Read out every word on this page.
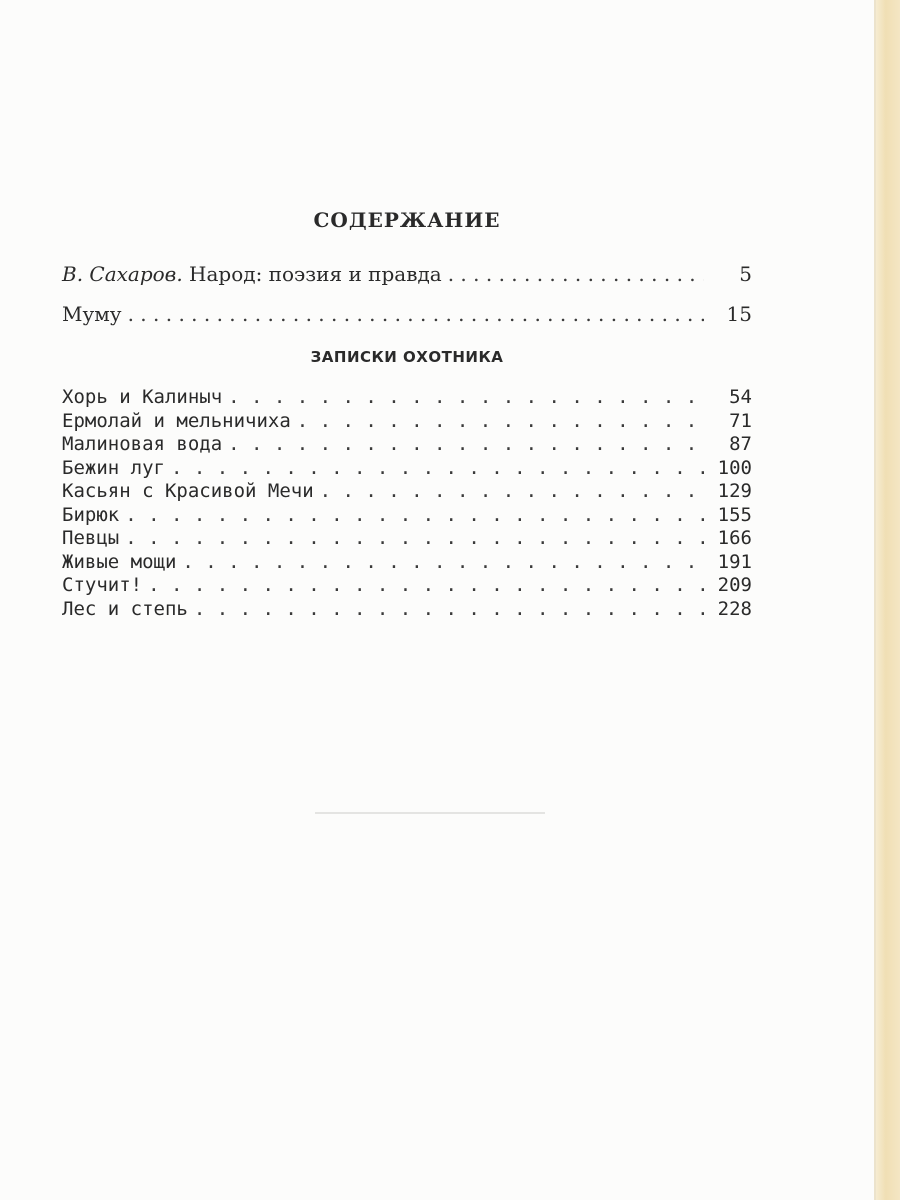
СОДЕРЖАНИЕ
В. Сахаров. Народ: поэзия и правда . . .	5
Муму . . .	15
ЗАПИСКИ ОХОТНИКА
Хорь и Калиныч . . .	54
Ермолай и мельничиха . . .	71
Малиновая вода . . .	87
Бежин луг . . .	100
Касьян с Красивой Мечи . . .	129
Бирюк . . .	155
Певцы . . .	166
Живые мощи . . .	191
Стучит! . . .	209
Лес и степь . . .	228
